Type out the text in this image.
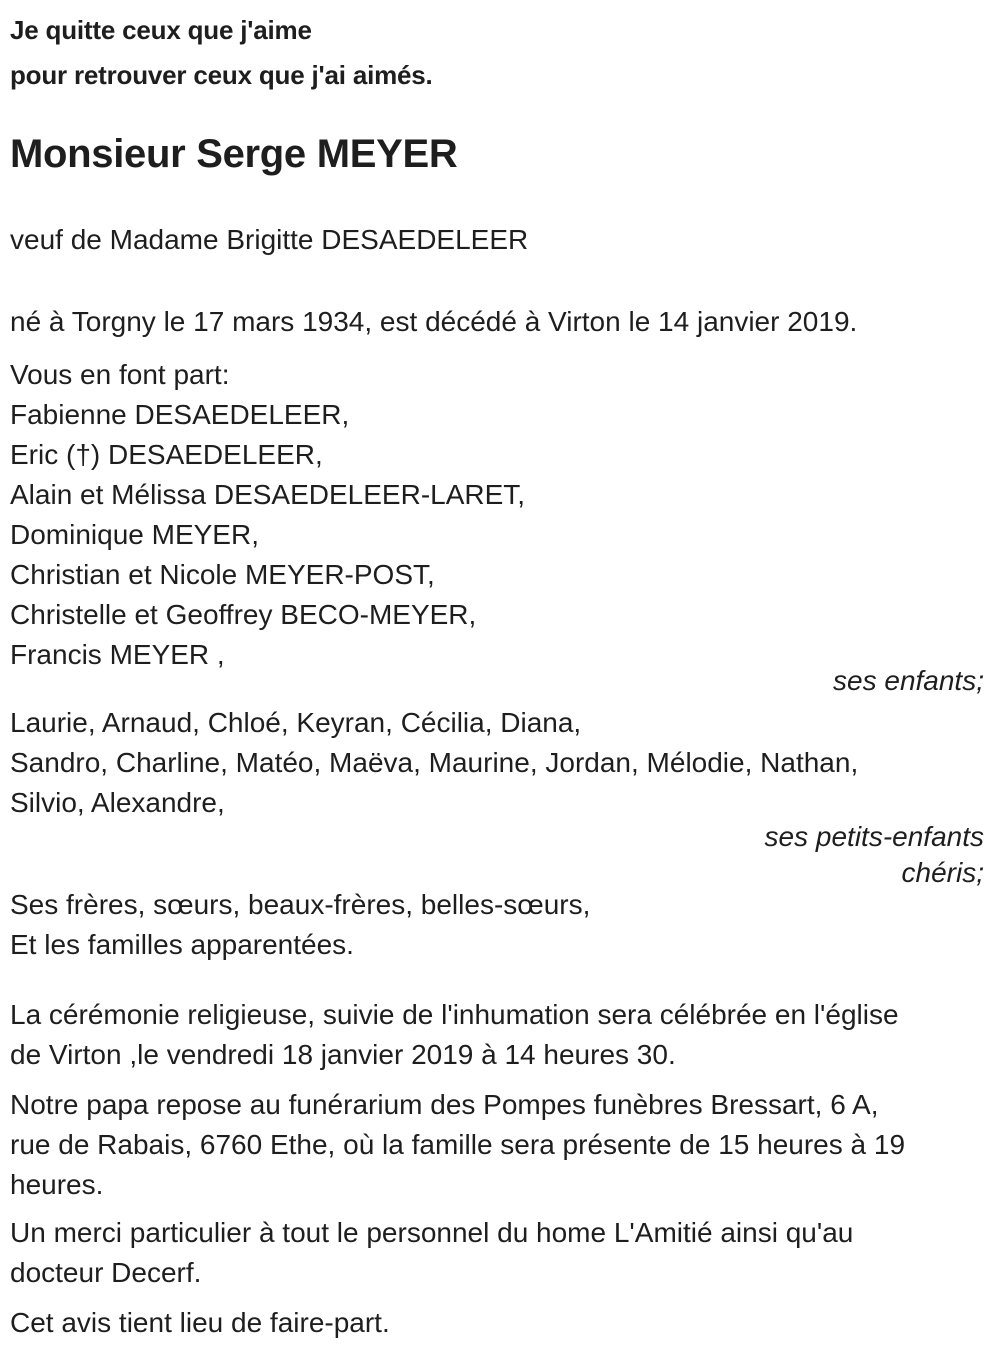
Je quitte ceux que j'aime
pour retrouver ceux que j'ai aimés.
Monsieur Serge MEYER
veuf de Madame Brigitte DESAEDELEER
né à Torgny le 17 mars 1934, est décédé à Virton le 14 janvier 2019.
Vous en font part:
Fabienne DESAEDELEER,
Eric (†) DESAEDELEER,
Alain et Mélissa DESAEDELEER-LARET,
Dominique MEYER,
Christian et Nicole MEYER-POST,
Christelle et Geoffrey BECO-MEYER,
Francis MEYER ,
ses enfants;
Laurie, Arnaud, Chloé, Keyran, Cécilia, Diana,
Sandro, Charline, Matéo, Maëva, Maurine, Jordan, Mélodie, Nathan,
Silvio, Alexandre,
ses petits-enfants
chéris;
Ses frères, sœurs, beaux-frères, belles-sœurs,
Et les familles apparentées.
La cérémonie religieuse, suivie de l'inhumation sera célébrée en l'église
de Virton ,le vendredi 18 janvier 2019 à 14 heures 30.
Notre papa repose au funérarium des Pompes funèbres Bressart, 6 A,
rue de Rabais, 6760 Ethe, où la famille sera présente de 15 heures à 19
heures.
Un merci particulier à tout le personnel du home L'Amitié ainsi qu'au
docteur Decerf.
Cet avis tient lieu de faire-part.
